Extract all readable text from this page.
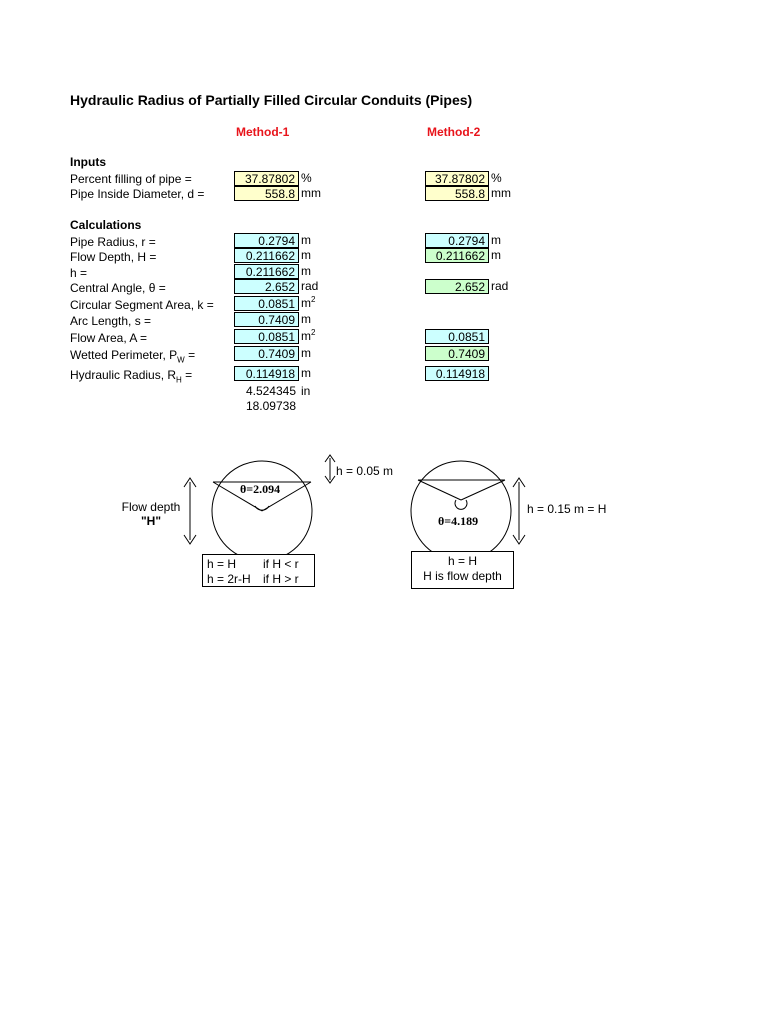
Hydraulic Radius of Partially Filled Circular Conduits (Pipes)
Method-1	Method-2
Inputs
Percent filling of pipe =
Pipe Inside Diameter, d =
37.87802 %
558.8 mm
37.87802 %
558.8 mm
Calculations
Pipe Radius, r =
Flow Depth, H =
h =
Central Angle, θ =
Circular Segment Area, k =
Arc Length, s =
Flow Area, A =
Wetted Perimeter, $P_W$ =
Hydraulic Radius, $R_H$ =
0.2794 m
0.211662 m
0.211662 m
2.652 rad
0.0851 $m^2$
0.7409 m
0.0851 $m^2$
0.7409 m
0.114918 m
4.524345 in
18.09738
0.2794 m
0.211662 m
2.652 rad
0.0851
0.7409
0.114918
θ=2.094
θ=4.189
h = 0.05 m
Flow depth
"H"
h = 0.15 m = H
h = H if H < r
h = 2r-H if H > r
h = H
H is flow depth
